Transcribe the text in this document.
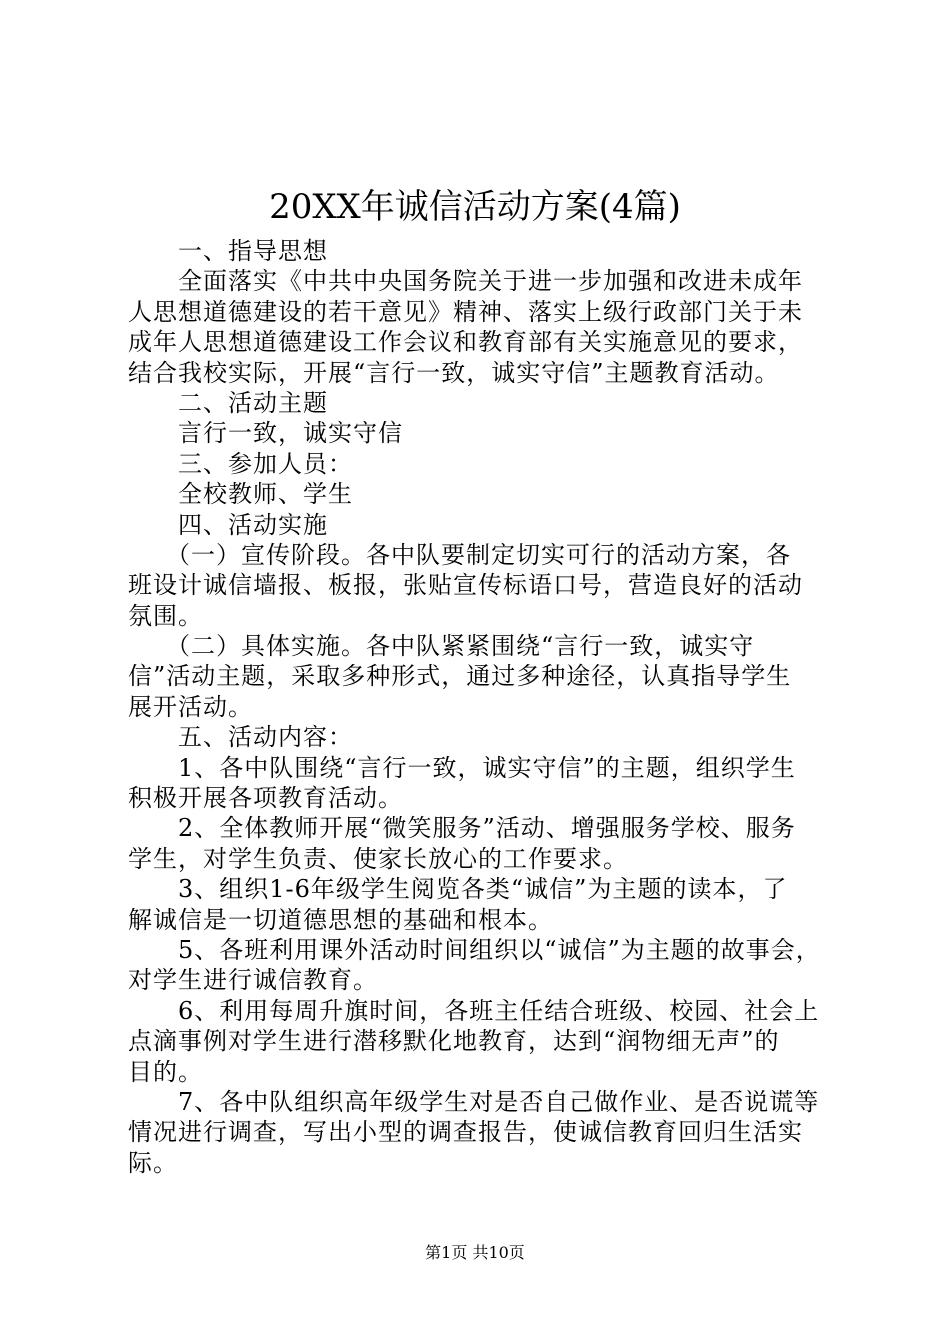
20XX年诚信活动方案(4篇)
　　一、指导思想
　　全面落实《中共中央国务院关于进一步加强和改进未成年
人思想道德建设的若干意见》精神、落实上级行政部门关于未
成年人思想道德建设工作会议和教育部有关实施意见的要求，
结合我校实际，开展“言行一致，诚实守信”主题教育活动。
　　二、活动主题
　　言行一致，诚实守信
　　三、参加人员：
　　全校教师、学生
　　四、活动实施
　　（一）宣传阶段。各中队要制定切实可行的活动方案，各
班设计诚信墙报、板报，张贴宣传标语口号，营造良好的活动
氛围。
　　（二）具体实施。各中队紧紧围绕“言行一致，诚实守
信”活动主题，采取多种形式，通过多种途径，认真指导学生
展开活动。
　　五、活动内容：
　　1、各中队围绕“言行一致，诚实守信”的主题，组织学生
积极开展各项教育活动。
　　2、全体教师开展“微笑服务”活动、增强服务学校、服务
学生，对学生负责、使家长放心的工作要求。
　　3、组织1-6年级学生阅览各类“诚信”为主题的读本，了
解诚信是一切道德思想的基础和根本。
　　5、各班利用课外活动时间组织以“诚信”为主题的故事会，
对学生进行诚信教育。
　　6、利用每周升旗时间，各班主任结合班级、校园、社会上
点滴事例对学生进行潜移默化地教育，达到“润物细无声”的
目的。
　　7、各中队组织高年级学生对是否自己做作业、是否说谎等
情况进行调查，写出小型的调查报告，使诚信教育回归生活实
际。
第1页 共10页
